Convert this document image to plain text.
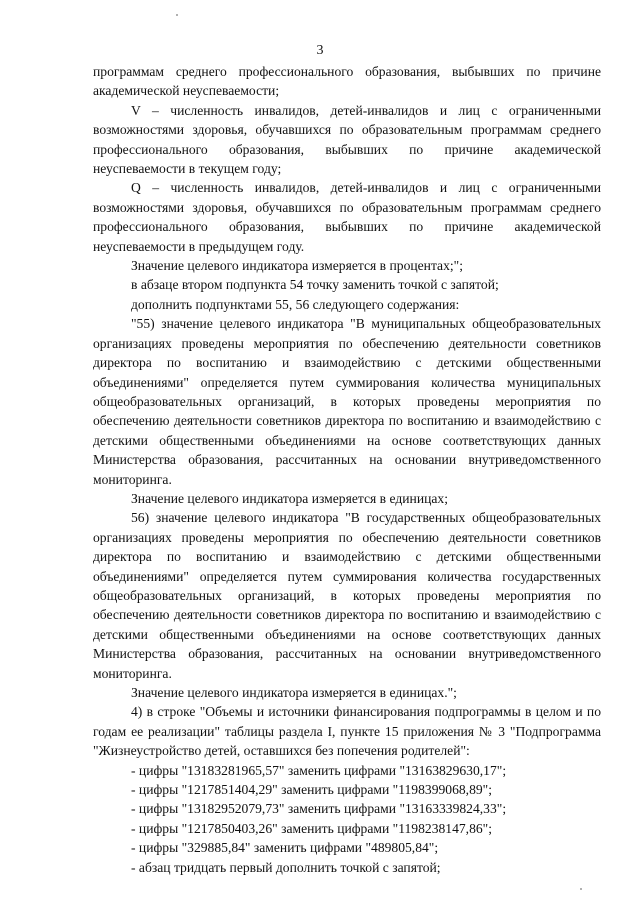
3

программам среднего профессионального образования, выбывших по причине академической неуспеваемости;

V – численность инвалидов, детей-инвалидов и лиц с ограниченными возможностями здоровья, обучавшихся по образовательным программам среднего профессионального образования, выбывших по причине академической неуспеваемости в текущем году;

Q – численность инвалидов, детей-инвалидов и лиц с ограниченными возможностями здоровья, обучавшихся по образовательным программам среднего профессионального образования, выбывших по причине академической неуспеваемости в предыдущем году.

Значение целевого индикатора измеряется в процентах;";

в абзаце втором подпункта 54 точку заменить точкой с запятой;

дополнить подпунктами 55, 56 следующего содержания:

"55) значение целевого индикатора "В муниципальных общеобразовательных организациях проведены мероприятия по обеспечению деятельности советников директора по воспитанию и взаимодействию с детскими общественными объединениями" определяется путем суммирования количества муниципальных общеобразовательных организаций, в которых проведены мероприятия по обеспечению деятельности советников директора по воспитанию и взаимодействию с детскими общественными объединениями на основе соответствующих данных Министерства образования, рассчитанных на основании внутриведомственного мониторинга.

Значение целевого индикатора измеряется в единицах;

56) значение целевого индикатора "В государственных общеобразовательных организациях проведены мероприятия по обеспечению деятельности советников директора по воспитанию и взаимодействию с детскими общественными объединениями" определяется путем суммирования количества государственных общеобразовательных организаций, в которых проведены мероприятия по обеспечению деятельности советников директора по воспитанию и взаимодействию с детскими общественными объединениями на основе соответствующих данных Министерства образования, рассчитанных на основании внутриведомственного мониторинга.

Значение целевого индикатора измеряется в единицах.";

4) в строке "Объемы и источники финансирования подпрограммы в целом и по годам ее реализации" таблицы раздела I, пункте 15 приложения № 3 "Подпрограмма "Жизнеустройство детей, оставшихся без попечения родителей":

- цифры "13183281965,57" заменить цифрами "13163829630,17";

- цифры "1217851404,29" заменить цифрами "1198399068,89";

- цифры "13182952079,73" заменить цифрами "13163339824,33";

- цифры "1217850403,26" заменить цифрами "1198238147,86";

- цифры "329885,84" заменить цифрами "489805,84";

- абзац тридцать первый дополнить точкой с запятой;
